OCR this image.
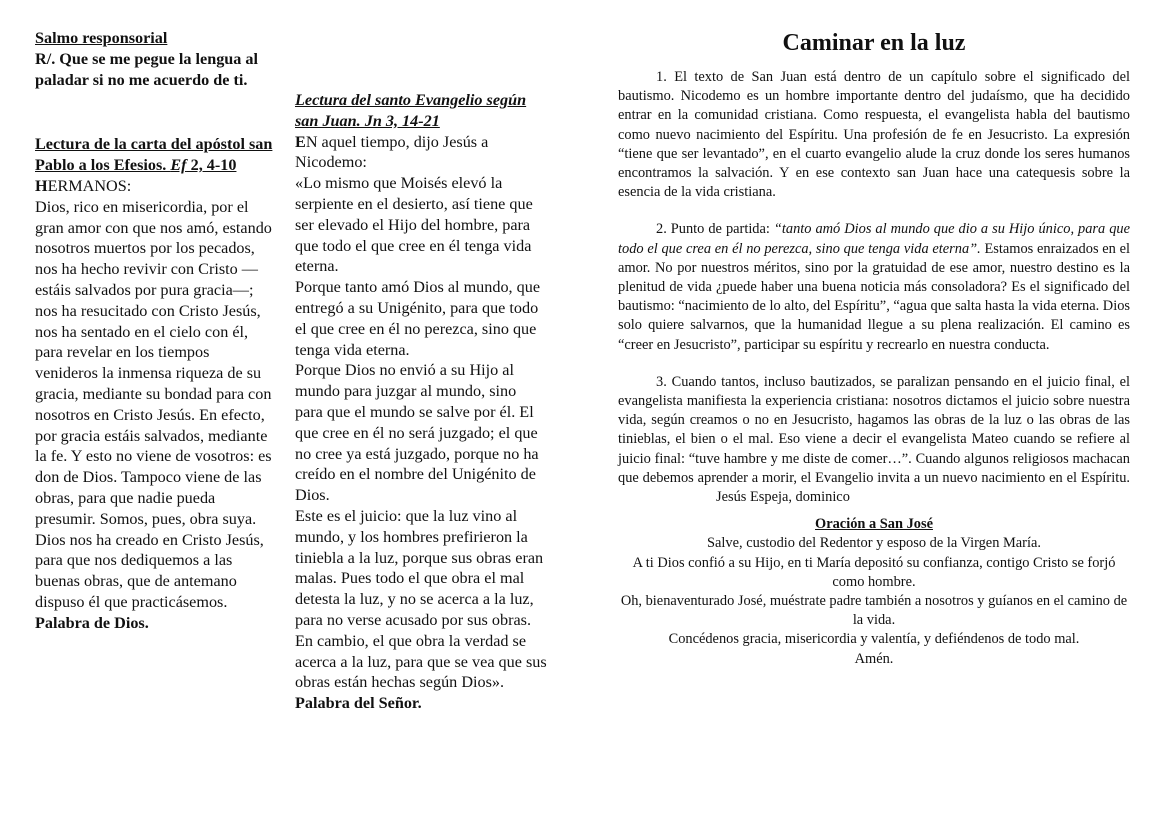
Salmo responsorial

R/. Que se me pegue la lengua al paladar si no me acuerdo de ti.

Lectura de la carta del apóstol san Pablo a los Efesios. Ef 2, 4-10

HERMANOS:

Dios, rico en misericordia, por el gran amor con que nos amó, estando nosotros muertos por los pecados, nos ha hecho revivir con Cristo —estáis salvados por pura gracia—; nos ha resucitado con Cristo Jesús, nos ha sentado en el cielo con él, para revelar en los tiempos venideros la inmensa riqueza de su gracia, mediante su bondad para con nosotros en Cristo Jesús. En efecto, por gracia estáis salvados, mediante la fe. Y esto no viene de vosotros: es don de Dios. Tampoco viene de las obras, para que nadie pueda presumir. Somos, pues, obra suya. Dios nos ha creado en Cristo Jesús, para que nos dediquemos a las buenas obras, que de antemano dispuso él que practicásemos.

Palabra de Dios.

Lectura del santo Evangelio según san Juan. Jn 3, 14-21

EN aquel tiempo, dijo Jesús a Nicodemo:

«Lo mismo que Moisés elevó la serpiente en el desierto, así tiene que ser elevado el Hijo del hombre, para que todo el que cree en él tenga vida eterna.

Porque tanto amó Dios al mundo, que entregó a su Unigénito, para que todo el que cree en él no perezca, sino que tenga vida eterna.

Porque Dios no envió a su Hijo al mundo para juzgar al mundo, sino para que el mundo se salve por él. El que cree en él no será juzgado; el que no cree ya está juzgado, porque no ha creído en el nombre del Unigénito de Dios.

Este es el juicio: que la luz vino al mundo, y los hombres prefirieron la tiniebla a la luz, porque sus obras eran malas. Pues todo el que obra el mal detesta la luz, y no se acerca a la luz, para no verse acusado por sus obras.

En cambio, el que obra la verdad se acerca a la luz, para que se vea que sus obras están hechas según Dios».

Palabra del Señor.

Caminar en la luz

1. El texto de San Juan está dentro de un capítulo sobre el significado del bautismo. Nicodemo es un hombre importante dentro del judaísmo, que ha decidido entrar en la comunidad cristiana. Como respuesta, el evangelista habla del bautismo como nuevo nacimiento del Espíritu. Una profesión de fe en Jesucristo. La expresión “tiene que ser levantado”, en el cuarto evangelio alude la cruz donde los seres humanos encontramos la salvación. Y en ese contexto san Juan hace una catequesis sobre la esencia de la vida cristiana.

2. Punto de partida: “tanto amó Dios al mundo que dio a su Hijo único, para que todo el que crea en él no perezca, sino que tenga vida eterna”. Estamos enraizados en el amor. No por nuestros méritos, sino por la gratuidad de ese amor, nuestro destino es la plenitud de vida ¿puede haber una buena noticia más consoladora? Es el significado del bautismo: “nacimiento de lo alto, del Espíritu”, “agua que salta hasta la vida eterna. Dios solo quiere salvarnos, que la humanidad llegue a su plena realización. El camino es “creer en Jesucristo”, participar su espíritu y recrearlo en nuestra conducta.

3. Cuando tantos, incluso bautizados, se paralizan pensando en el juicio final, el evangelista manifiesta la experiencia cristiana: nosotros dictamos el juicio sobre nuestra vida, según creamos o no en Jesucristo, hagamos las obras de la luz o las obras de las tinieblas, el bien o el mal. Eso viene a decir el evangelista Mateo cuando se refiere al juicio final: “tuve hambre y me diste de comer…”. Cuando algunos religiosos machacan que debemos aprender a morir, el Evangelio invita a un nuevo nacimiento en el Espíritu.Jesús Espeja, dominico

Oración a San José

Salve, custodio del Redentor y esposo de la Virgen María.

A ti Dios confió a su Hijo, en ti María depositó su confianza, contigo Cristo se forjó como hombre.

Oh, bienaventurado José, muéstrate padre también a nosotros y guíanos en el camino de la vida.

Concédenos gracia, misericordia y valentía, y defiéndenos de todo mal.

Amén.
